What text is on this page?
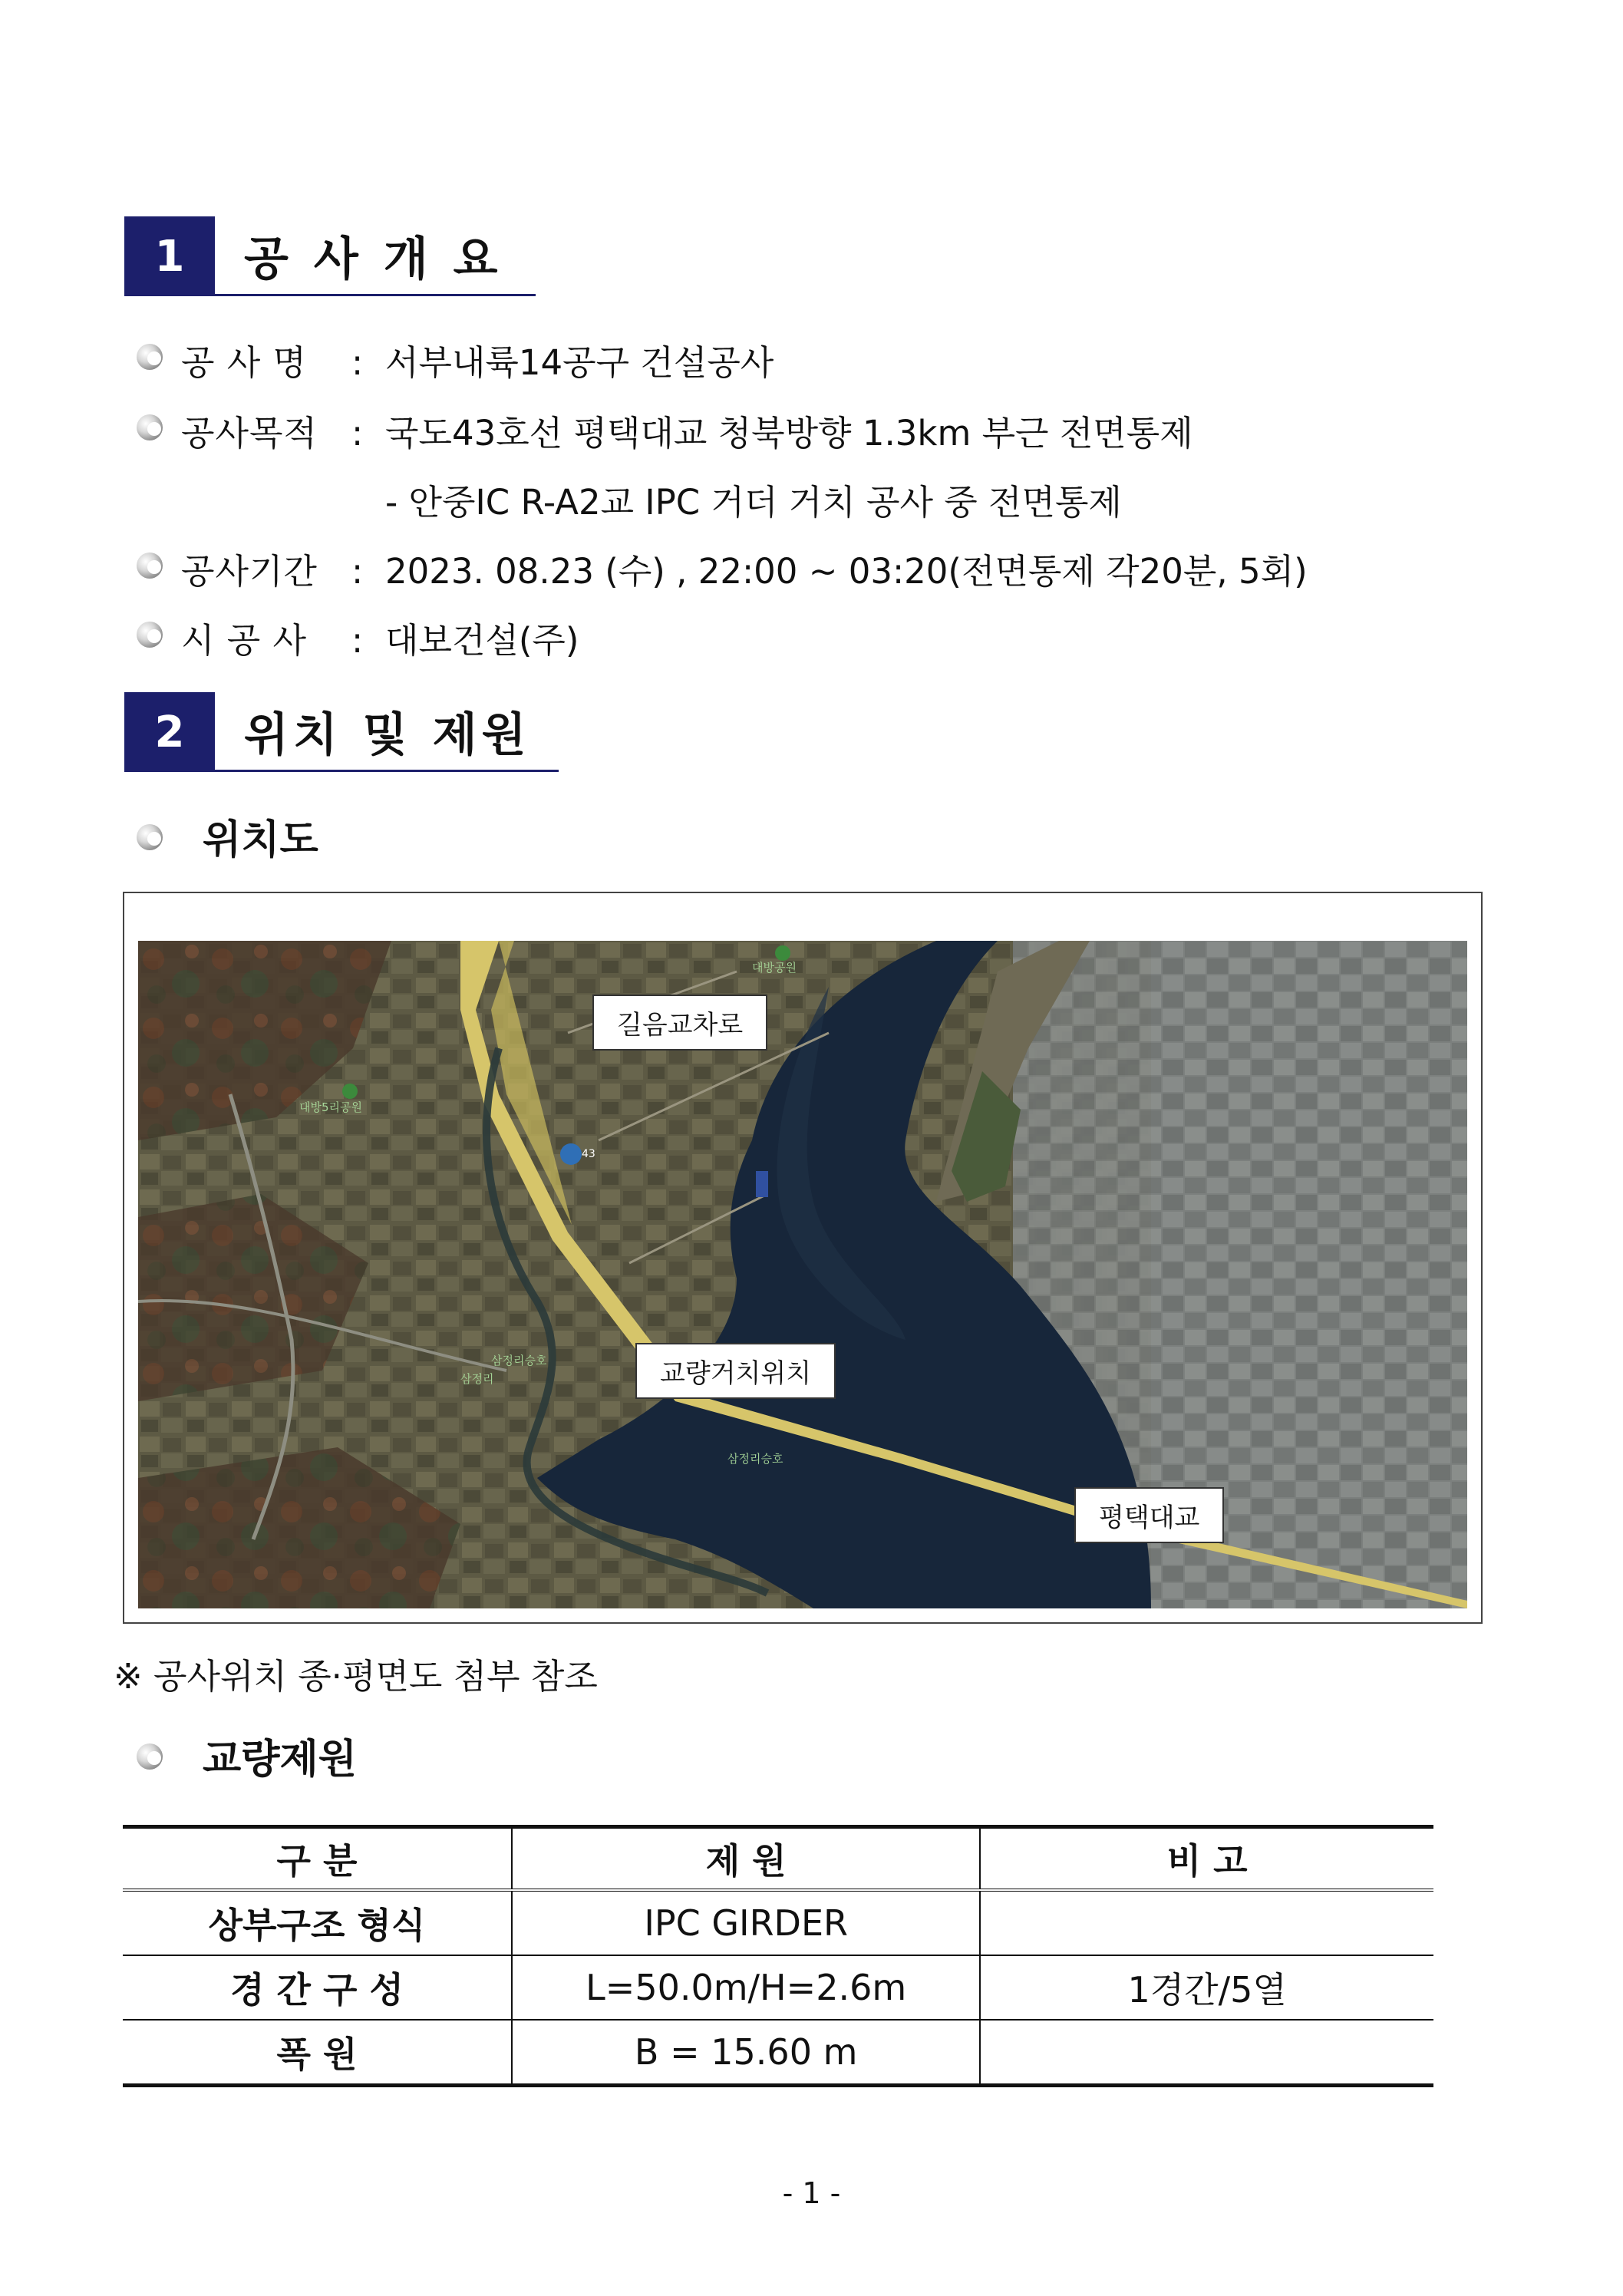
1	공 사 개 요
공 사 명 : 서부내륙14공구 건설공사
공사목적 : 국도43호선 평택대교 청북방향 1.3km 부근 전면통제
- 안중IC R-A2교 IPC 거더 거치 공사 중 전면통제
공사기간 : 2023. 08.23 (수) , 22:00 ~ 03:20(전면통제 각20분, 5회)
시 공 사 : 대보건설(주)
2	위치 및 제원
위치도
43
대방공원
대방5리공원
삼정리
삼정리승호
삼정리승호
길음교차로
교량거치위치
평택대교
※ 공사위치 종·평면도 첨부 참조
교량제원
구 분	제 원	비 고
상부구조 형식	IPC GIRDER	
경 간 구 성	L=50.0m/H=2.6m	1경간/5열
폭 원	B = 15.60 m	
- 1 -
